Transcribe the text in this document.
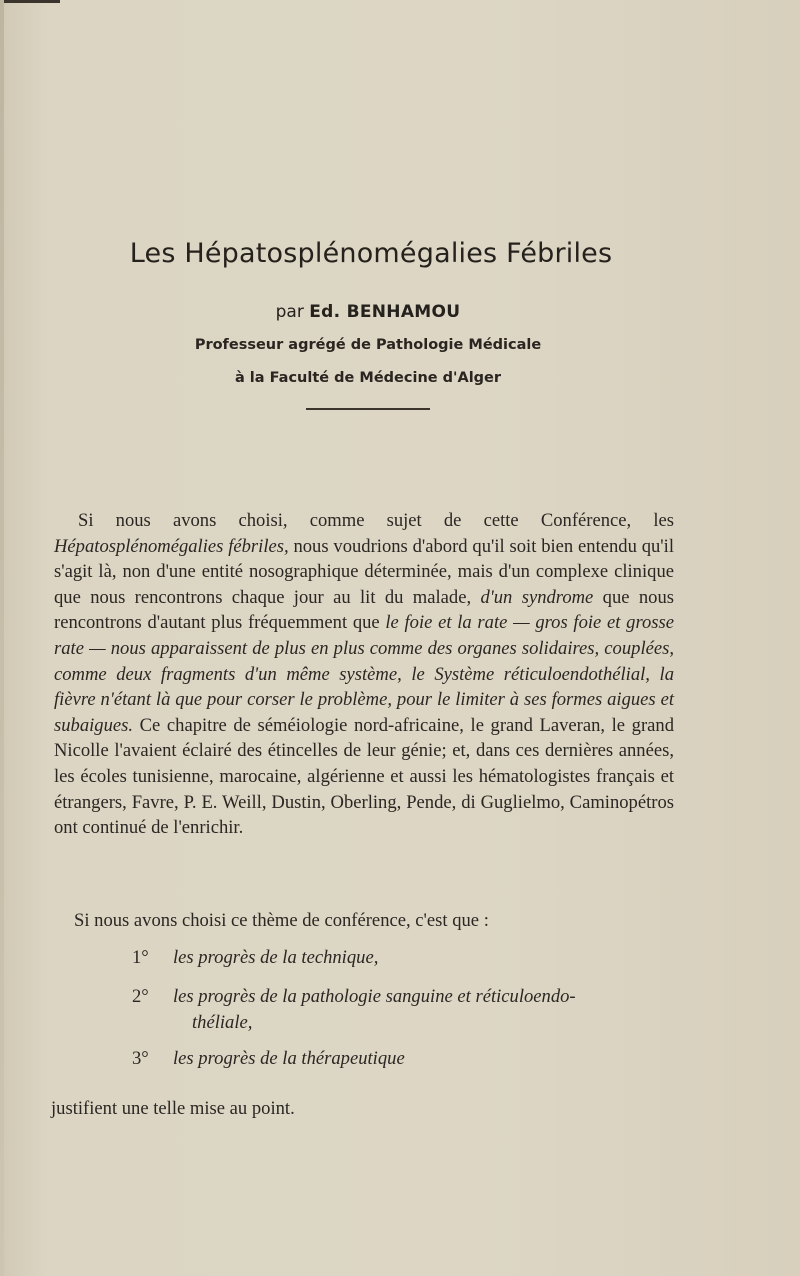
Les Hépatosplénomégalies Fébriles
par Ed. BENHAMOU
Professeur agrégé de Pathologie Médicale
à la Faculté de Médecine d'Alger

Si nous avons choisi, comme sujet de cette Conférence, les Hépatosplénomégalies fébriles, nous voudrions d'abord qu'il soit bien entendu qu'il s'agit là, non d'une entité nosographique déterminée, mais d'un complexe clinique que nous rencontrons chaque jour au lit du malade, d'un syndrome que nous rencontrons d'autant plus fréquemment que le foie et la rate — gros foie et grosse rate — nous apparaissent de plus en plus comme des organes solidaires, couplées, comme deux fragments d'un même système, le Système réticuloendothélial, la fièvre n'étant là que pour corser le problème, pour le limiter à ses formes aigues et subaigues. Ce chapitre de séméiologie nord-africaine, le grand Laveran, le grand Nicolle l'avaient éclairé des étincelles de leur génie; et, dans ces dernières années, les écoles tunisienne, marocaine, algérienne et aussi les hématologistes français et étrangers, Favre, P. E. Weill, Dustin, Oberling, Pende, di Guglielmo, Caminopétros ont continué de l'enrichir.

Si nous avons choisi ce thème de conférence, c'est que :

1° les progrès de la technique,
2° les progrès de la pathologie sanguine et réticuloendo-
théliale,
3° les progrès de la thérapeutique

justifient une telle mise au point.
